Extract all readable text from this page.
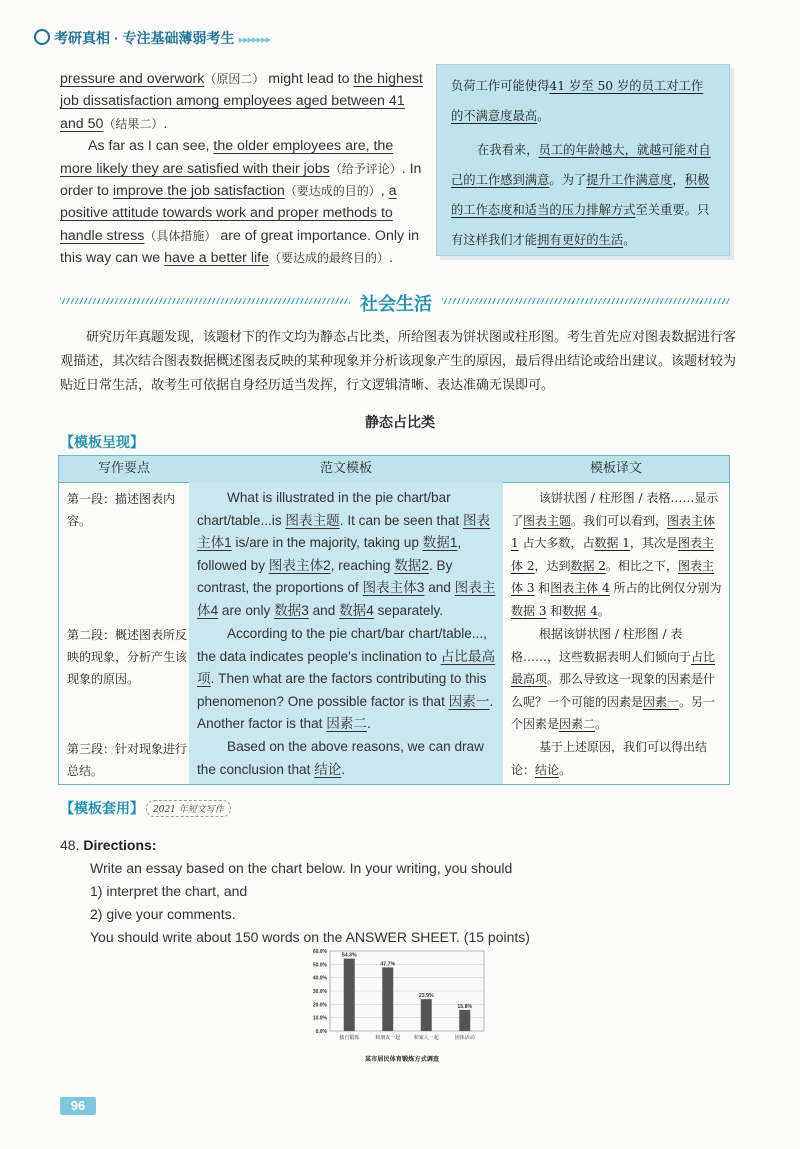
考研真相 · 专注基础薄弱考生 ▸▸▸▸▸▸▸

pressure and overwork（原因二） might lead to the highest job dissatisfaction among employees aged between 41 and 50（结果二）.

As far as I can see, the older employees are, the more likely they are satisfied with their jobs（给予评论）. In order to improve the job satisfaction（要达成的目的）, a positive attitude towards work and proper methods to handle stress（具体措施） are of great importance. Only in this way can we have a better life（要达成的最终目的）.

负荷工作可能使得41 岁至 50 岁的员工对工作的不满意度最高。

在我看来，员工的年龄越大，就越可能对自己的工作感到满意。为了提升工作满意度，积极的工作态度和适当的压力排解方式至关重要。只有这样我们才能拥有更好的生活。

社会生活
研究历年真题发现，该题材下的作文均为静态占比类，所给图表为饼状图或柱形图。考生首先应对图表数据进行客观描述，其次结合图表数据概述图表反映的某种现象并分析该现象产生的原因，最后得出结论或给出建议。该题材较为贴近日常生活，故考生可依据自身经历适当发挥，行文逻辑清晰、表达准确无误即可。
静态占比类
【模板呈现】
写作要点	范文模板	模板译文
第一段：描述图表内容。
What is illustrated in the pie chart/bar chart/table...is 图表主题. It can be seen that 图表主体1 is/are in the majority, taking up 数据1, followed by 图表主体2, reaching 数据2. By contrast, the proportions of 图表主体3 and 图表主体4 are only 数据3 and 数据4 separately.
该饼状图 / 柱形图 / 表格……显示了图表主题。我们可以看到，图表主体 1 占大多数，占数据 1，其次是图表主体 2，达到数据 2。相比之下，图表主体 3 和图表主体 4 所占的比例仅分别为数据 3 和数据 4。
第二段：概述图表所反映的现象，分析产生该现象的原因。
According to the pie chart/bar chart/table..., the data indicates people's inclination to 占比最高项. Then what are the factors contributing to this phenomenon? One possible factor is that 因素一. Another factor is that 因素二.
根据该饼状图 / 柱形图 / 表格……，这些数据表明人们倾向于占比最高项。那么导致这一现象的因素是什么呢？一个可能的因素是因素一。另一个因素是因素二。
第三段：针对现象进行总结。
Based on the above reasons, we can draw the conclusion that 结论.
基于上述原因，我们可以得出结论：结论。
【模板套用】	2021 年短文写作
48. Directions:
Write an essay based on the chart below. In your writing, you should
1) interpret the chart, and
2) give your comments.
You should write about 150 words on the ANSWER SHEET. (15 points)
0.0%
10.0%
20.0%
30.0%
40.0%
50.0%
60.0%
54.3%
独自锻炼
47.7%
和朋友一起
23.9%
和家人一起
15.8%
团体活动
某市居民体育锻炼方式调查
96
